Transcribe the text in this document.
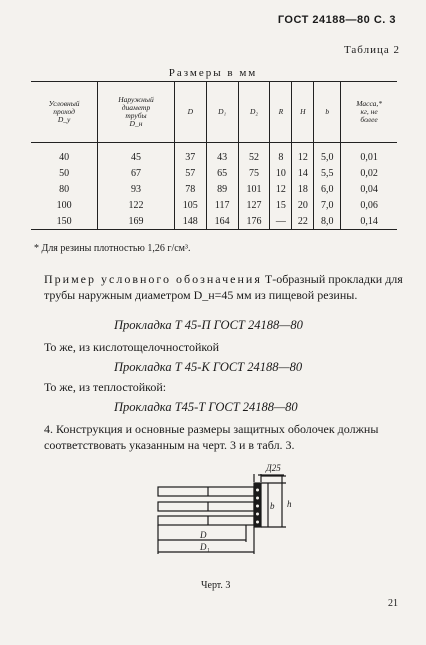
ГОСТ 24188—80 С. 3
Таблица 2
Размеры в мм
Условный
проход
D_у	Наружный
диаметр
трубы
D_н	D	D₁	D₂	R	H	b	Масса,*
кг, не
более

40	45	37	43	52	8	12	5,0	0,01
50	67	57	65	75	10	14	5,5	0,02
80	93	78	89	101	12	18	6,0	0,04
100	122	105	117	127	15	20	7,0	0,06
150	169	148	164	176	—	22	8,0	0,14
* Для резины плотностью 1,26 г/см³.
Пример условного обозначения Т-образный прокладки для трубы наружным диаметром D_н=45 мм из пищевой резины.
Прокладка Т 45-П ГОСТ 24188—80
То же, из кислотощелочностойкой
Прокладка Т 45-К ГОСТ 24188—80
То же, из теплостойкой:
Прокладка Т45-Т ГОСТ 24188—80
4. Конструкция и основные размеры защитных оболочек должны соответствовать указанным на черт. 3 и в табл. 3.
Д25
b h
D
D₁
Черт. 3
21
